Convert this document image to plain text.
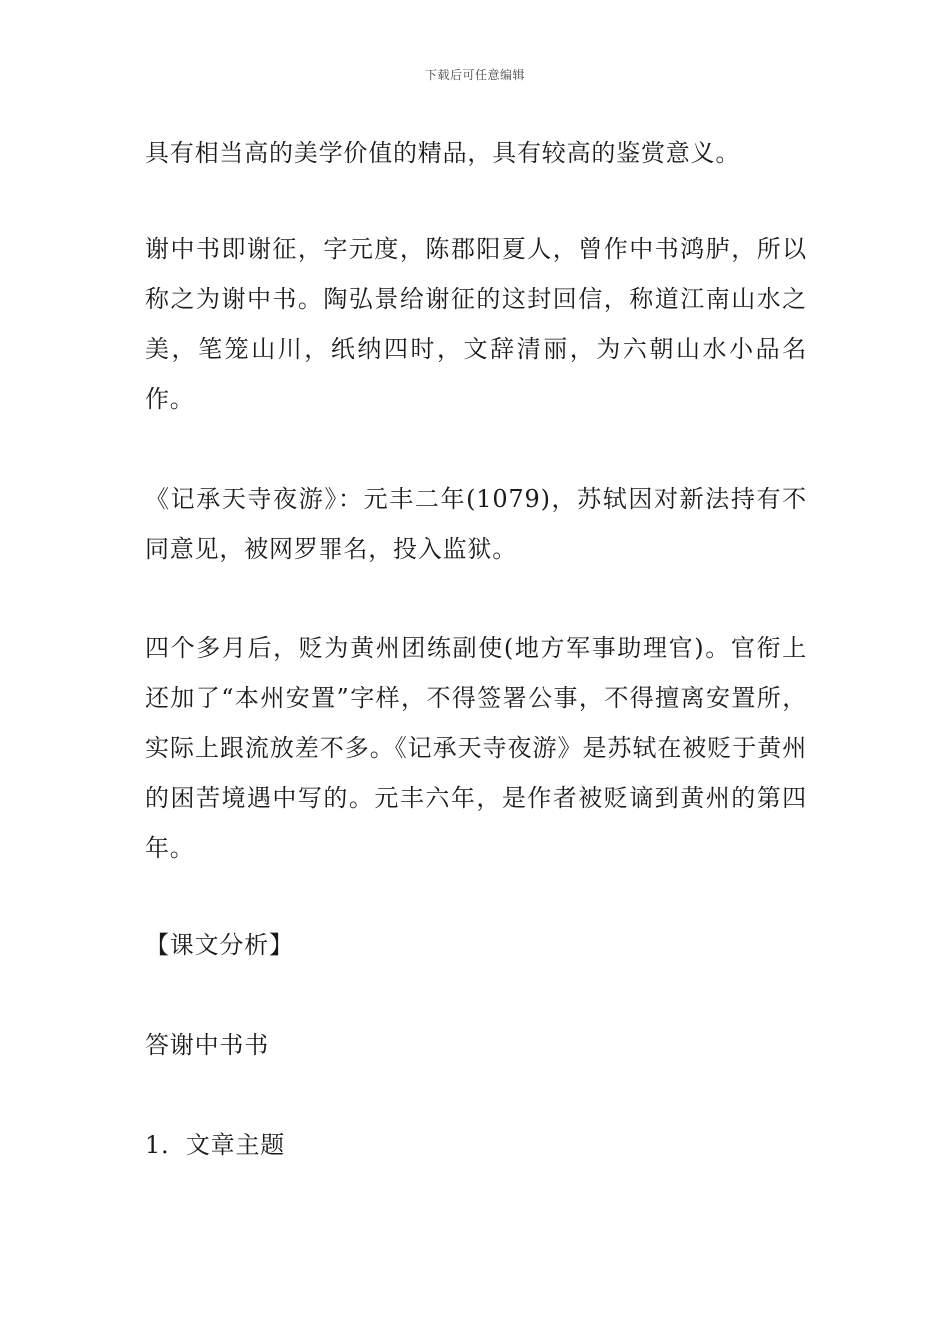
下载后可任意编辑
具有相当高的美学价值的精品，具有较高的鉴赏意义。
谢中书即谢征，字元度，陈郡阳夏人，曾作中书鸿胪，所以称之为谢中书。陶弘景给谢征的这封回信，称道江南山水之美，笔笼山川，纸纳四时，文辞清丽，为六朝山水小品名作。
《记承天寺夜游》：元丰二年(1079)，苏轼因对新法持有不同意见，被网罗罪名，投入监狱。
四个多月后，贬为黄州团练副使(地方军事助理官)。官衔上还加了“本州安置”字样，不得签署公事，不得擅离安置所，实际上跟流放差不多。《记承天寺夜游》是苏轼在被贬于黄州的困苦境遇中写的。元丰六年，是作者被贬谪到黄州的第四年。
【课文分析】
答谢中书书
1．文章主题
